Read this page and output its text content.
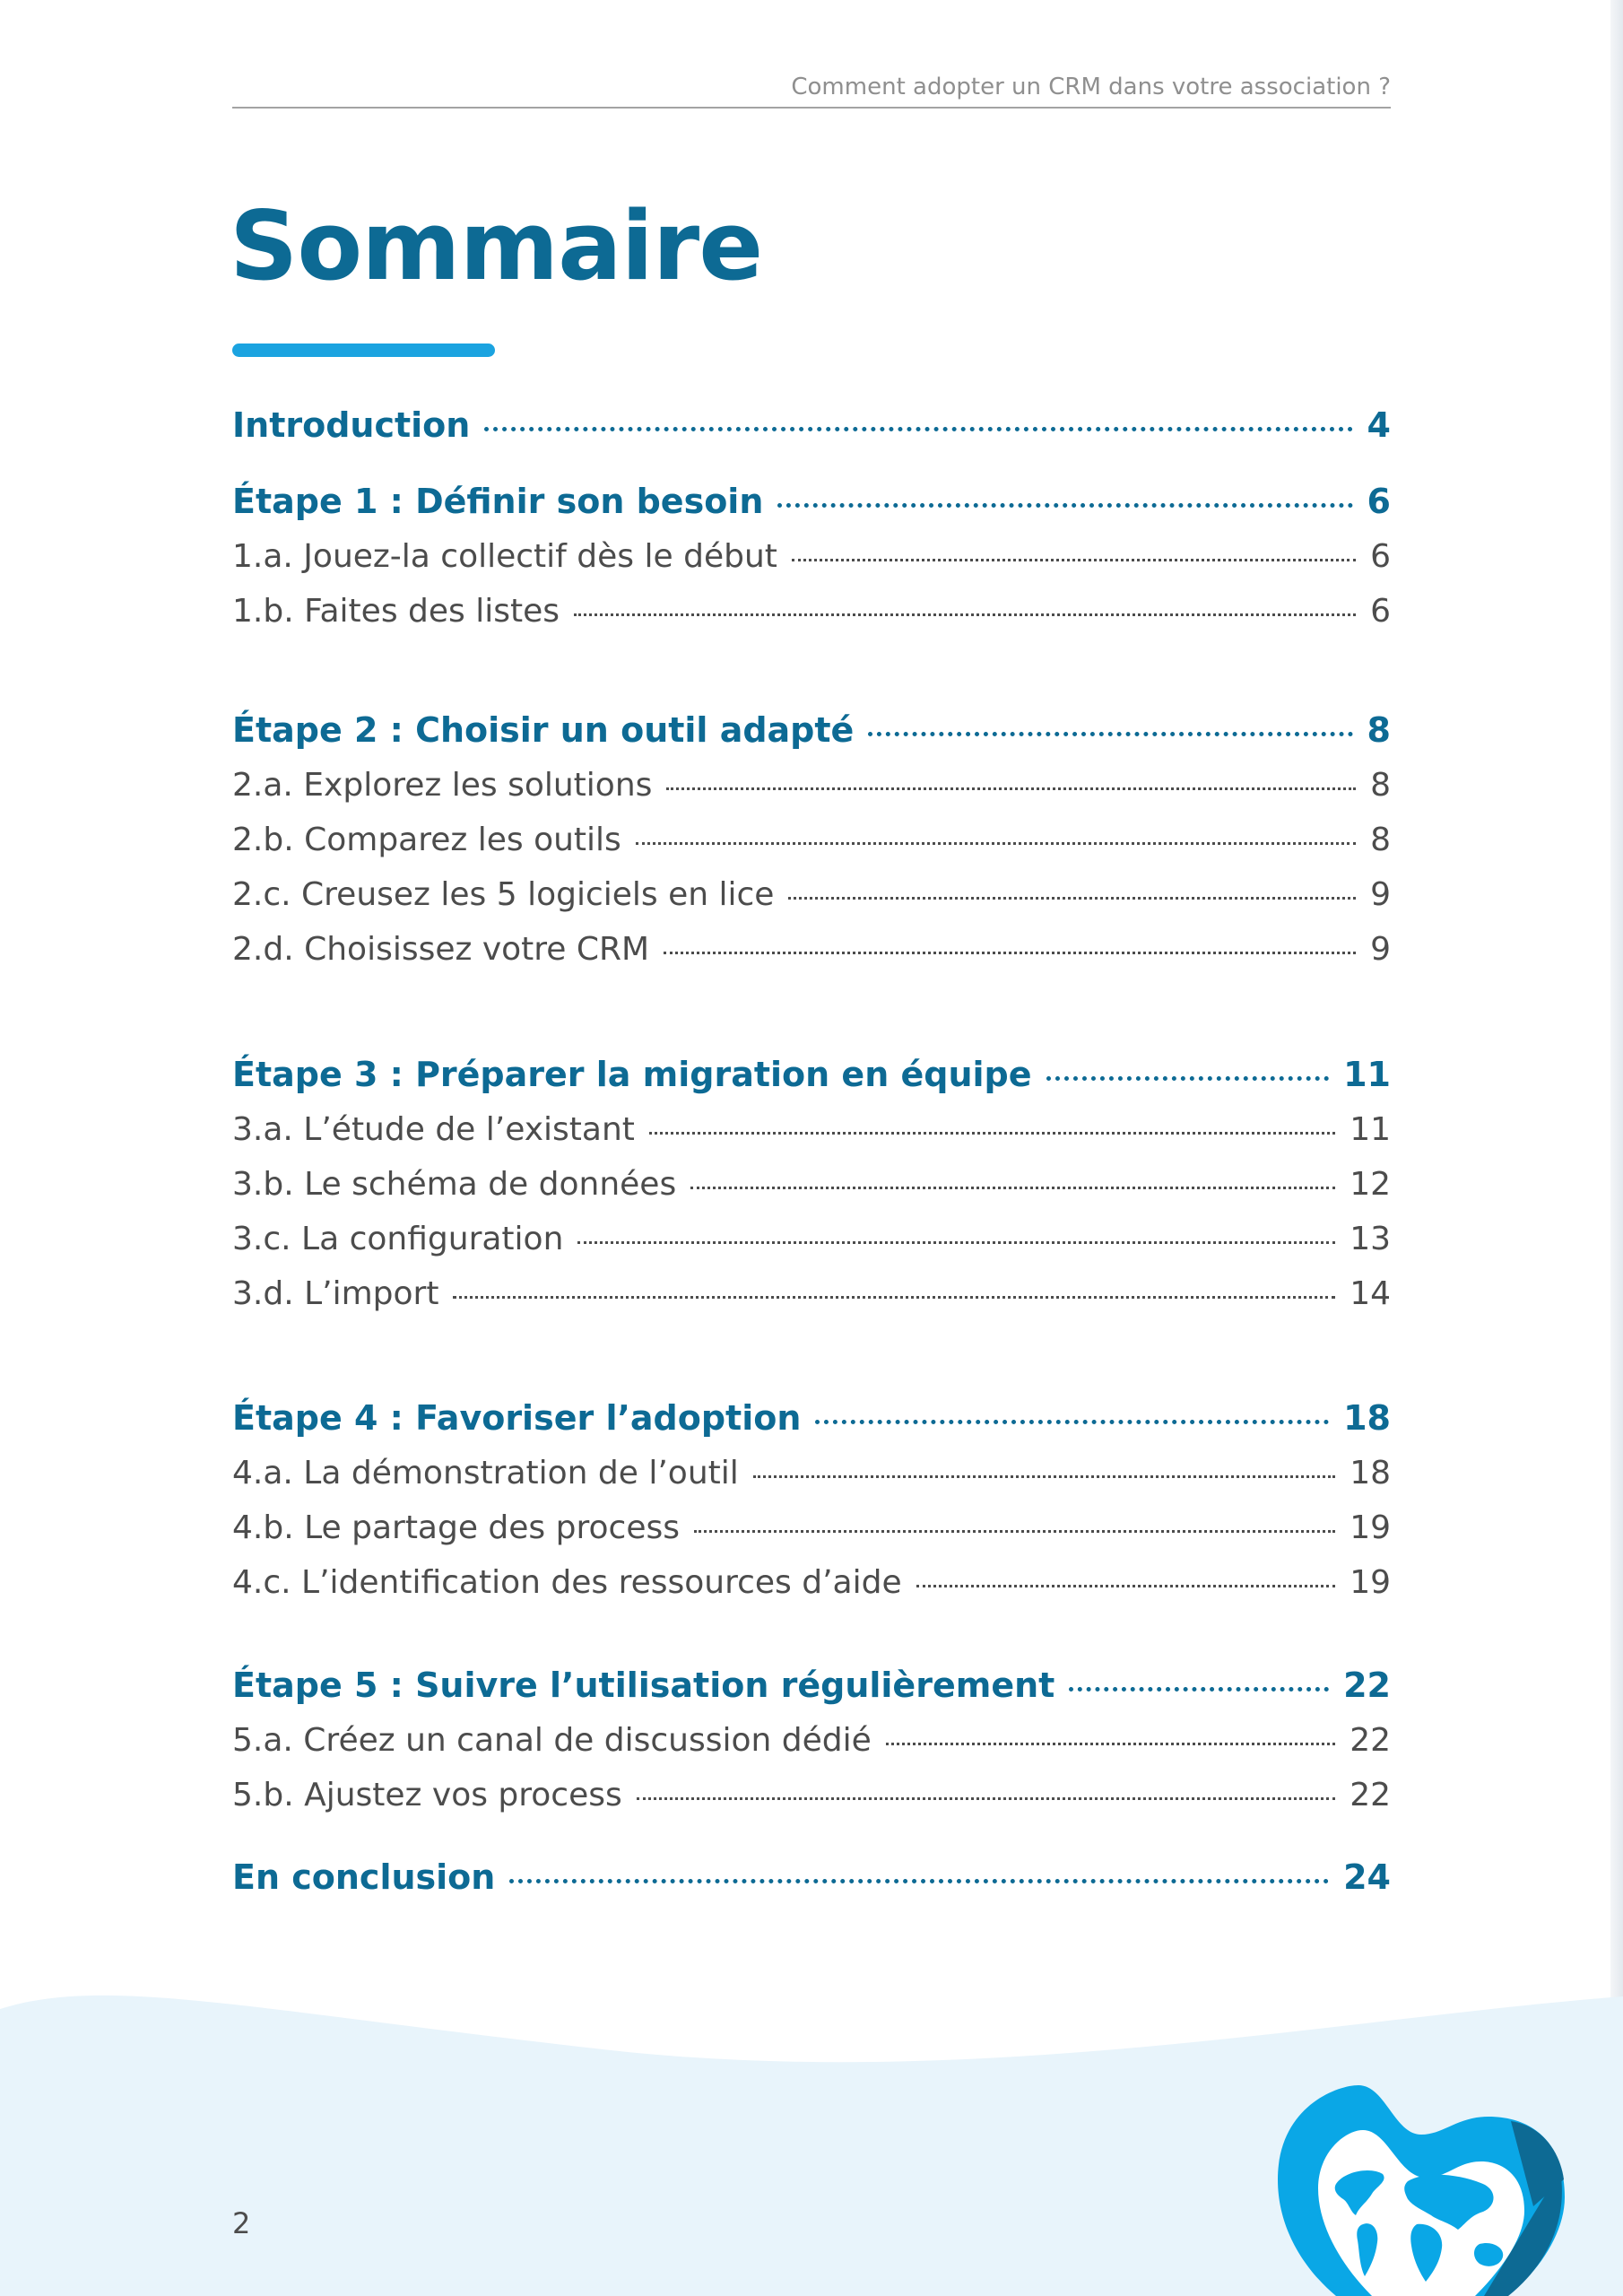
Comment adopter un CRM dans votre association ?
Sommaire
Introduction	4
Étape 1 : Définir son besoin	6
1.a. Jouez-la collectif dès le début	6
1.b. Faites des listes	6
Étape 2 : Choisir un outil adapté	8
2.a. Explorez les solutions	8
2.b. Comparez les outils	8
2.c. Creusez les 5 logiciels en lice	9
2.d. Choisissez votre CRM	9
Étape 3 : Préparer la migration en équipe	11
3.a. L’étude de l’existant	11
3.b. Le schéma de données	12
3.c. La configuration	13
3.d. L’import	14
Étape 4 : Favoriser l’adoption	18
4.a. La démonstration de l’outil	18
4.b. Le partage des process	19
4.c. L’identification des ressources d’aide	19
Étape 5 : Suivre l’utilisation régulièrement	22
5.a. Créez un canal de discussion dédié	22
5.b. Ajustez vos process	22
En conclusion	24
2
